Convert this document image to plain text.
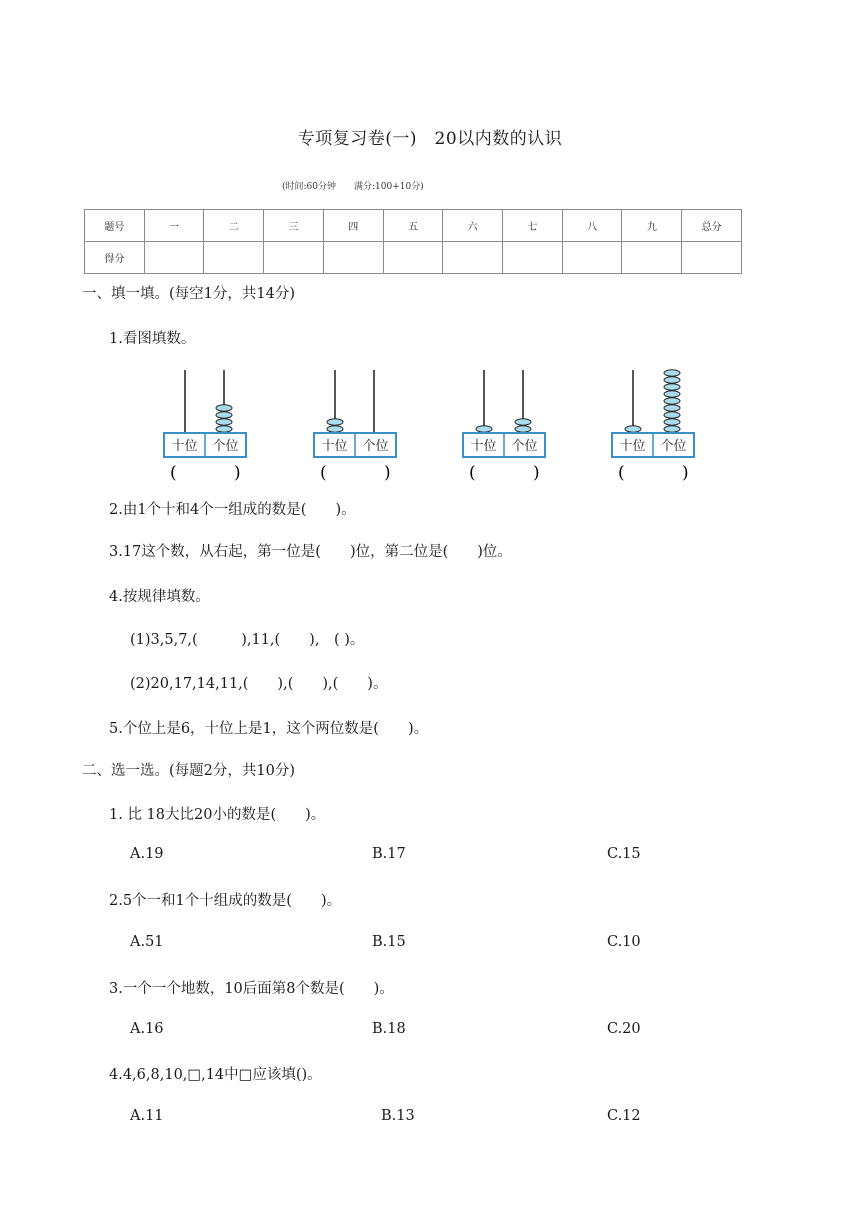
专项复习卷(一)　20以内数的认识
(时间:60分钟　　满分:100+10分)
题号	一	二	三	四	五	六	七	八	九	总分
得分										
一、填一填。(每空1分，共14分)
1.看图填数。
十位 个位
(	)
十位 个位
(	)
十位 个位
(	)
十位 个位
(	)
2.由1个十和4个一组成的数是(　　)。
3.17这个数，从右起，第一位是(　　)位，第二位是(　　)位。
4.按规律填数。
(1)3,5,7,(　　　),11,(　　),　( )。
(2)20,17,14,11,(　　),(　　),(　　)。
5.个位上是6，十位上是1，这个两位数是(　　)。
二、选一选。(每题2分，共10分)
1. 比 18大比20小的数是(　　)。
A.19	B.17	C.15
2.5个一和1个十组成的数是(　　)。
A.51	B.15	C.10
3.一个一个地数，10后面第8个数是(　　)。
A.16	B.18	C.20
4.4,6,8,10,□,14中□应该填()。
A.11	B.13	C.12
